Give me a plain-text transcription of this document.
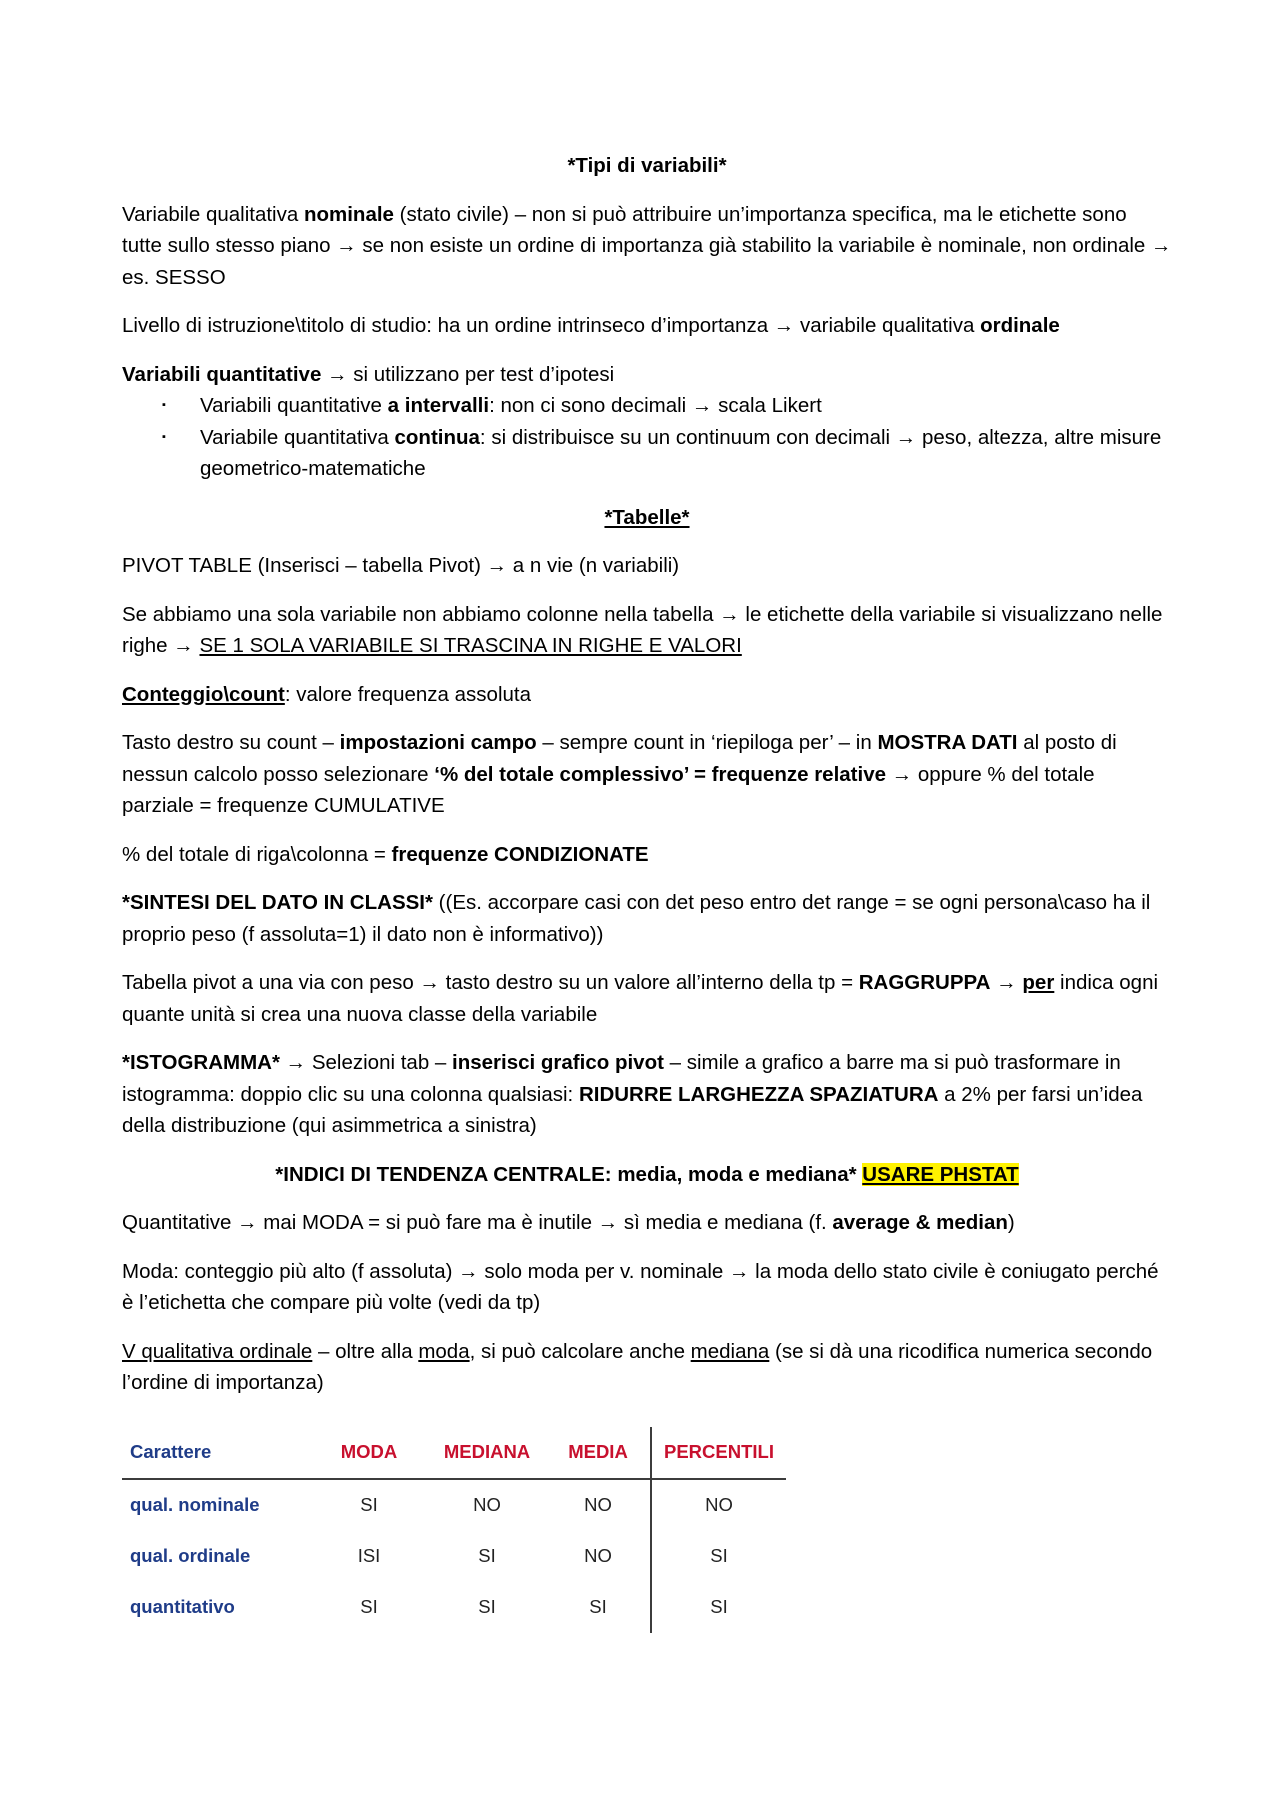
*Tipi di variabili*

Variabile qualitativa nominale (stato civile) – non si può attribuire un’importanza specifica, ma le etichette sono tutte sullo stesso piano → se non esiste un ordine di importanza già stabilito la variabile è nominale, non ordinale → es. SESSO

Livello di istruzione\titolo di studio: ha un ordine intrinseco d’importanza → variabile qualitativa ordinale

Variabili quantitative → si utilizzano per test d’ipotesi

▪ Variabili quantitative a intervalli: non ci sono decimali → scala Likert
▪ Variabile quantitativa continua: si distribuisce su un continuum con decimali → peso, altezza, altre misure geometrico-matematiche

*Tabelle*

PIVOT TABLE (Inserisci – tabella Pivot) → a n vie (n variabili)

Se abbiamo una sola variabile non abbiamo colonne nella tabella → le etichette della variabile si visualizzano nelle righe → SE 1 SOLA VARIABILE SI TRASCINA IN RIGHE E VALORI

Conteggio\count: valore frequenza assoluta

Tasto destro su count – impostazioni campo – sempre count in ‘riepiloga per’ – in MOSTRA DATI al posto di nessun calcolo posso selezionare ‘% del totale complessivo’ = frequenze relative → oppure % del totale parziale = frequenze CUMULATIVE

% del totale di riga\colonna = frequenze CONDIZIONATE

*SINTESI DEL DATO IN CLASSI* ((Es. accorpare casi con det peso entro det range = se ogni persona\caso ha il proprio peso (f assoluta=1) il dato non è informativo))

Tabella pivot a una via con peso → tasto destro su un valore all’interno della tp = RAGGRUPPA → per indica ogni quante unità si crea una nuova classe della variabile

*ISTOGRAMMA* → Selezioni tab – inserisci grafico pivot – simile a grafico a barre ma si può trasformare in istogramma: doppio clic su una colonna qualsiasi: RIDURRE LARGHEZZA SPAZIATURA a 2% per farsi un’idea della distribuzione (qui asimmetrica a sinistra)

*INDICI DI TENDENZA CENTRALE: media, moda e mediana* USARE PHSTAT

Quantitative → mai MODA = si può fare ma è inutile → sì media e mediana (f. average & median)

Moda: conteggio più alto (f assoluta) → solo moda per v. nominale → la moda dello stato civile è coniugato perché è l’etichetta che compare più volte (vedi da tp)

V qualitativa ordinale – oltre alla moda, si può calcolare anche mediana (se si dà una ricodifica numerica secondo l’ordine di importanza)

Carattere	MODA	MEDIANA	MEDIA	PERCENTILI
qual. nominale	SI	NO	NO	NO
qual. ordinale	ISI	SI	NO	SI
quantitativo	SI	SI	SI	SI
